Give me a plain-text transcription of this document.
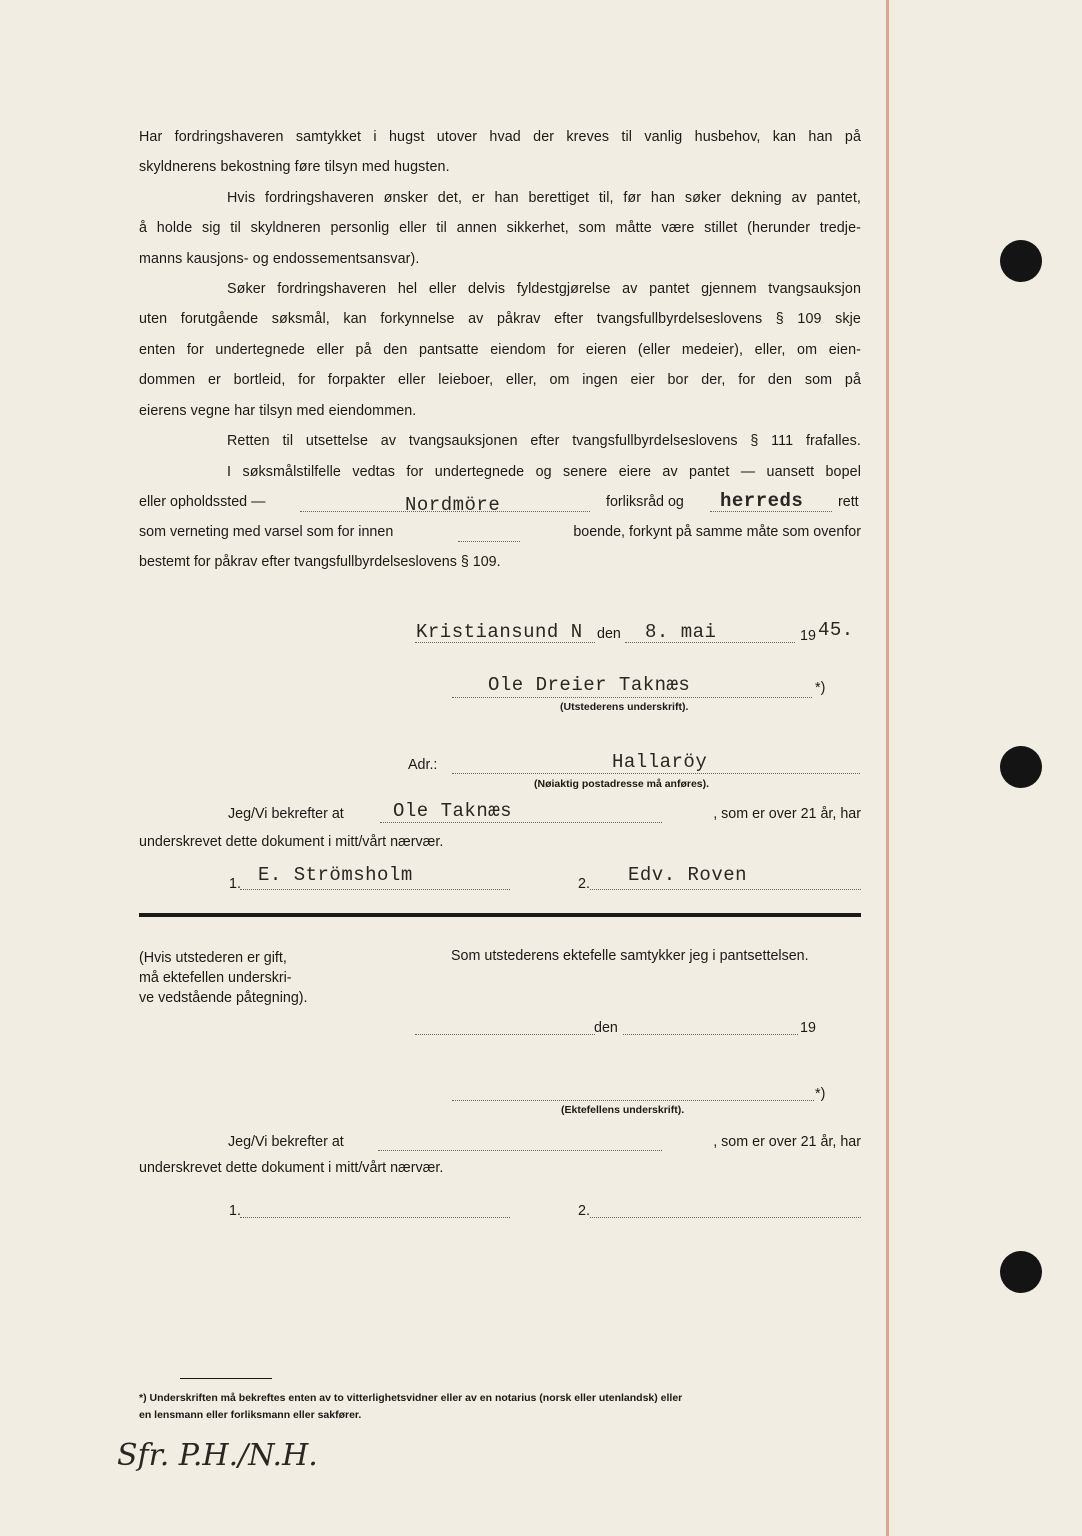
Har fordringshaveren samtykket i hugst utover hvad der kreves til vanlig husbehov, kan han på
skyldnerens bekostning føre tilsyn med hugsten.
Hvis fordringshaveren ønsker det, er han berettiget til, før han søker dekning av pantet,
å holde sig til skyldneren personlig eller til annen sikkerhet, som måtte være stillet (herunder tredje-
manns kausjons- og endossementsansvar).
Søker fordringshaveren hel eller delvis fyldestgjørelse av pantet gjennem tvangsauksjon
uten forutgående søksmål, kan forkynnelse av påkrav efter tvangsfullbyrdelseslovens § 109 skje
enten for undertegnede eller på den pantsatte eiendom for eieren (eller medeier), eller, om eien-
dommen er bortleid, for forpakter eller leieboer, eller, om ingen eier bor der, for den som på
eierens vegne har tilsyn med eiendommen.
Retten til utsettelse av tvangsauksjonen efter tvangsfullbyrdelseslovens § 111 frafalles.
I søksmålstilfelle vedtas for undertegnede og senere eiere av pantet — uansett bopel
eller opholdssted —	Nordmöre	forliksråd og herreds rett
som verneting med varsel som for innen	boende, forkynt på samme måte som ovenfor
bestemt for påkrav efter tvangsfullbyrdelseslovens § 109.
Kristiansund N den 8. mai	19 45.
Ole Dreier Taknæs	*)
(Utstederens underskrift).
Adr.:	Hallaröy
(Nøiaktig postadresse må anføres).
Jeg/Vi bekrefter at	Ole Taknæs	, som er over 21 år, har
underskrevet dette dokument i mitt/vårt nærvær.
1. E. Strömsholm	2. Edv. Roven
(Hvis utstederen er gift,
må ektefellen underskri-
ve vedstående påtegning).
Som utstederens ektefelle samtykker jeg i pantsettelsen.
den	19
*)
(Ektefellens underskrift).
Jeg/Vi bekrefter at	, som er over 21 år, har
underskrevet dette dokument i mitt/vårt nærvær.
1.	2.
*) Underskriften må bekreftes enten av to vitterlighetsvidner eller av en notarius (norsk eller utenlandsk) eller
en lensmann eller forliksmann eller sakfører.
Sfr. P.H./N.H.
